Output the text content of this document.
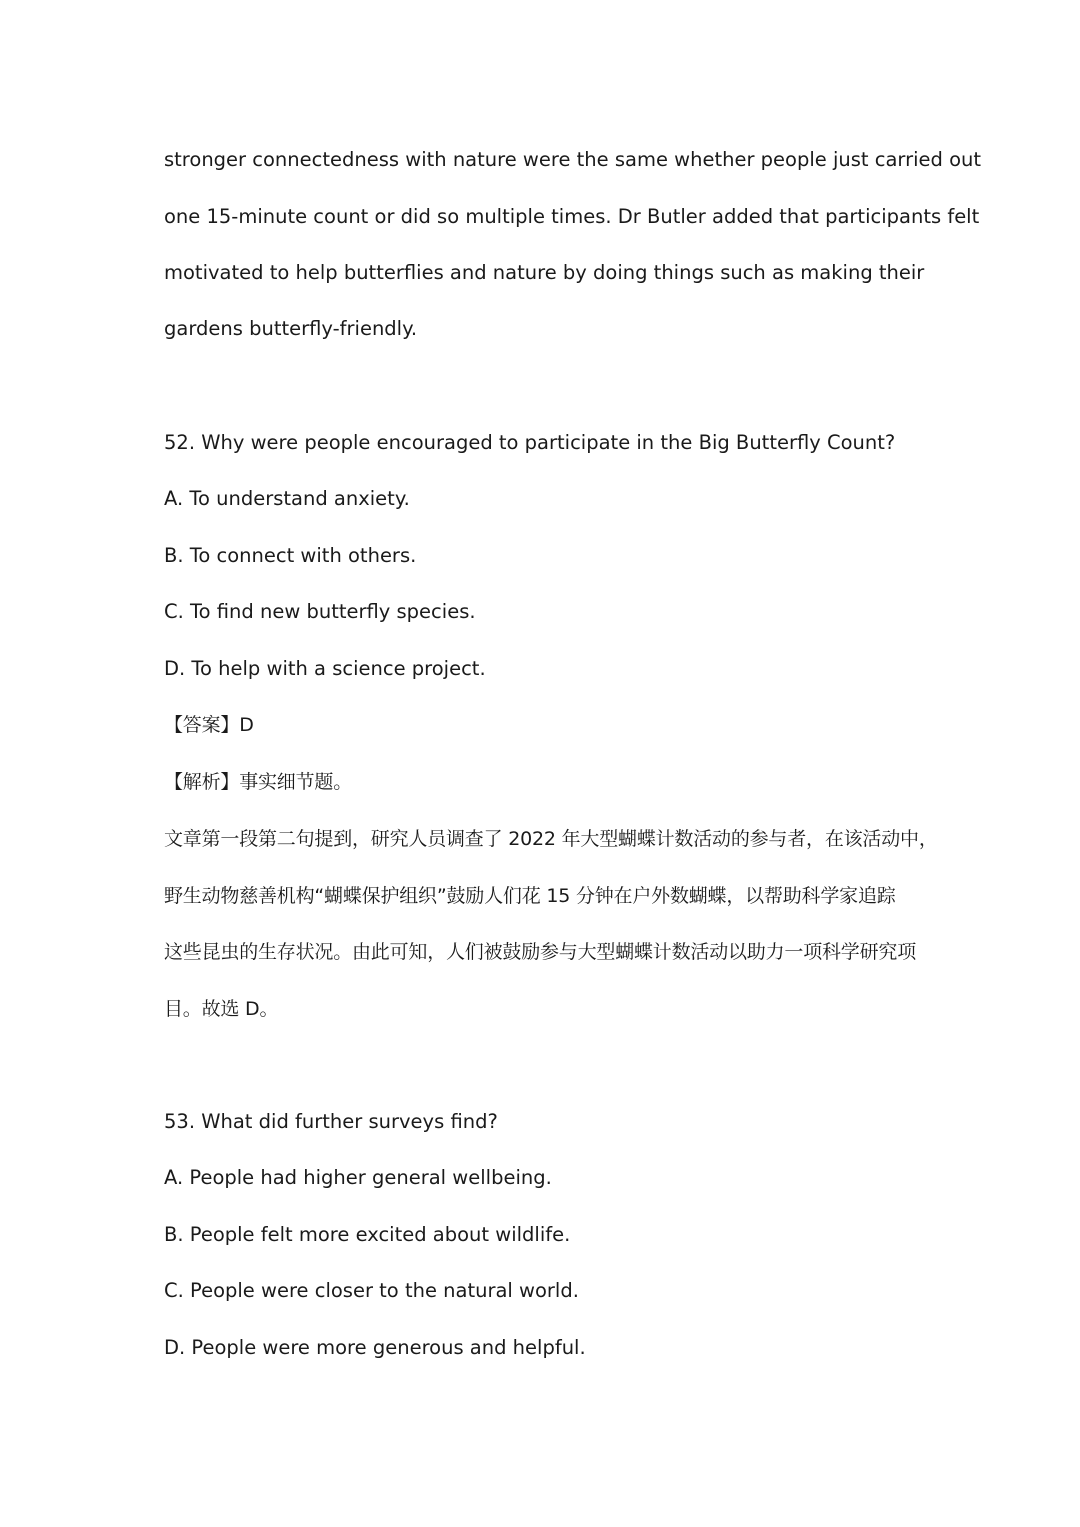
stronger connectedness with nature were the same whether people just carried out
one 15-minute count or did so multiple times. Dr Butler added that participants felt
motivated to help butterflies and nature by doing things such as making their
gardens butterfly-friendly.
52. Why were people encouraged to participate in the Big Butterfly Count?
A. To understand anxiety.
B. To connect with others.
C. To find new butterfly species.
D. To help with a science project.
【答案】D
【解析】事实细节题。
文章第一段第二句提到，研究人员调查了 2022 年大型蝴蝶计数活动的参与者，在该活动中，
野生动物慈善机构“蝴蝶保护组织”鼓励人们花 15 分钟在户外数蝴蝶，以帮助科学家追踪
这些昆虫的生存状况。由此可知，人们被鼓励参与大型蝴蝶计数活动以助力一项科学研究项
目。故选 D。
53. What did further surveys find?
A. People had higher general wellbeing.
B. People felt more excited about wildlife.
C. People were closer to the natural world.
D. People were more generous and helpful.
